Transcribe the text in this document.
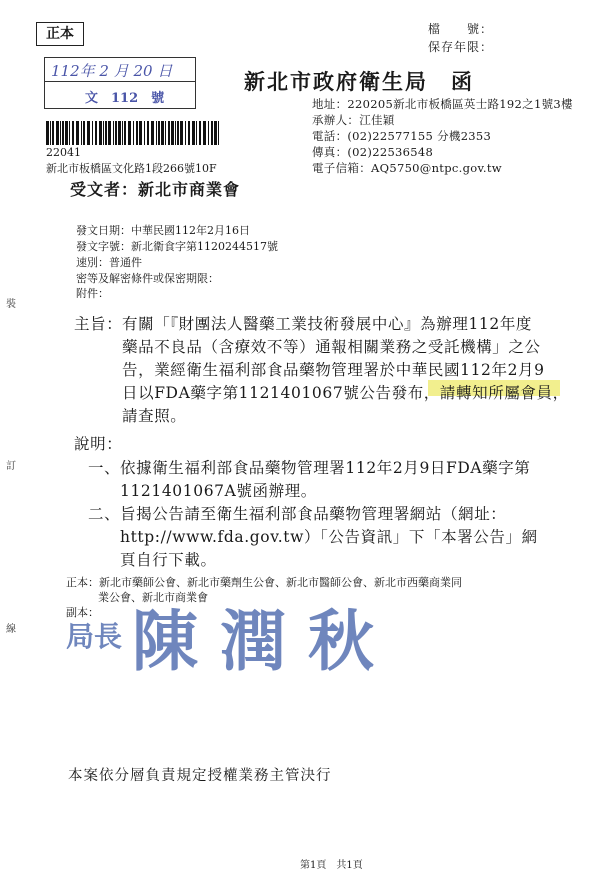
正本	檔　　號：
保存年限：
112年 2 月 20 日
文　112　號
新北市政府衛生局　函
地址：220205新北市板橋區英士路192之1號3樓
承辦人：江佳穎
電話：(02)22577155 分機2353
傳真：(02)22536548
電子信箱：AQ5750@ntpc.gov.tw
22041
新北市板橋區文化路1段266號10F
受文者：新北市商業會
發文日期：中華民國112年2月16日
發文字號：新北衛食字第1120244517號
速別：普通件
密等及解密條件或保密期限：
附件：
裝
訂
線
主旨： 有關「『財團法人醫藥工業技術發展中心』為辦理112年度
藥品不良品（含療效不等）通報相關業務之受託機構」之公
告，業經衛生福利部食品藥物管理署於中華民國112年2月9
日以FDA藥字第1121401067號公告發布，請轉知所屬會員，
請查照。
說明：
一、 依據衛生福利部食品藥物管理署112年2月9日FDA藥字第
1121401067A號函辦理。
二、 旨揭公告請至衛生福利部食品藥物管理署網站（網址：
http://www.fda.gov.tw）「公告資訊」下「本署公告」網
頁自行下載。
正本：新北市藥師公會、新北市藥劑生公會、新北市醫師公會、新北市西藥商業同
業公會、新北市商業會
副本：
局長 陳潤秋
本案依分層負責規定授權業務主管決行
第1頁　共1頁
